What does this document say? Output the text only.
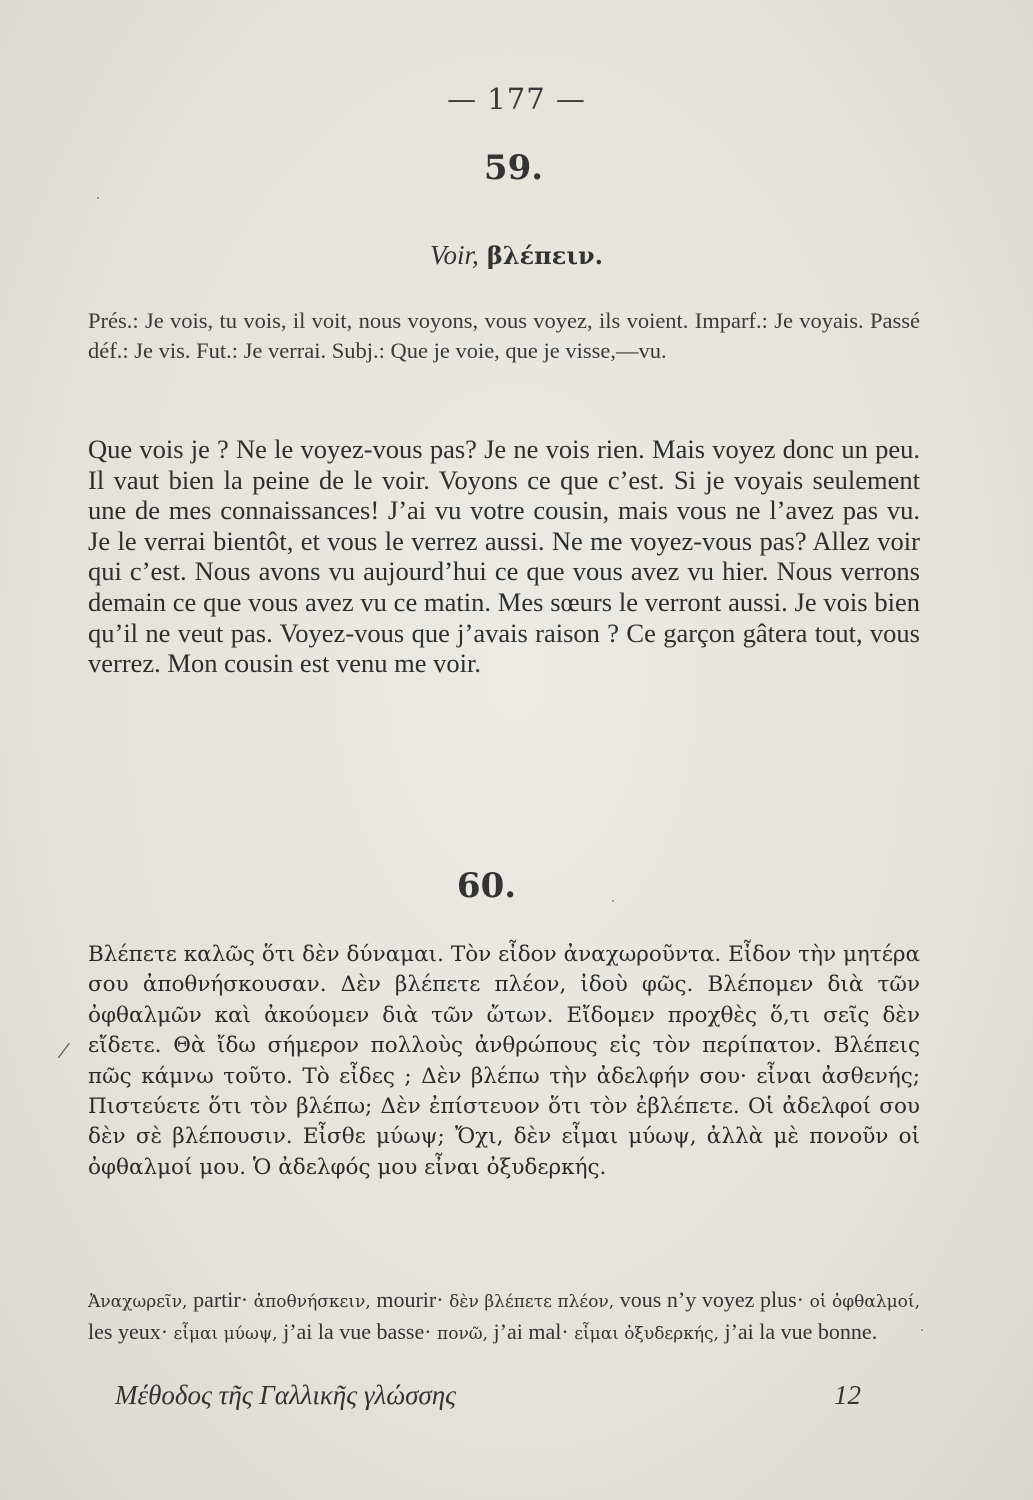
— 177 —
59.
Voir, βλέπειν.
Prés.: Je vois, tu vois, il voit, nous voyons, vous voyez, ils voient. Imparf.: Je voyais. Passé déf.: Je vis. Fut.: Je verrai. Subj.: Que je voie, que je visse,—vu.
Que vois je ? Ne le voyez-vous pas? Je ne vois rien. Mais voyez donc un peu. Il vaut bien la peine de le voir. Voyons ce que c’est. Si je voyais seulement une de mes connaissances! J’ai vu votre cousin, mais vous ne l’avez pas vu. Je le verrai bientôt, et vous le verrez aussi. Ne me voyez-vous pas? Allez voir qui c’est. Nous avons vu aujourd’hui ce que vous avez vu hier. Nous verrons demain ce que vous avez vu ce matin. Mes sœurs le verront aussi. Je vois bien qu’il ne veut pas. Voyez-vous que j’avais raison ? Ce garçon gâtera tout, vous verrez. Mon cousin est venu me voir.
60.
Βλέπετε καλῶς ὅτι δὲν δύναμαι. Τὸν εἶδον ἀναχωροῦντα. Εἶδον τὴν μητέρα σου ἀποθνήσκουσαν. Δὲν βλέπετε πλέον, ἰδοὺ φῶς. Βλέπομεν διὰ τῶν ὀφθαλμῶν καὶ ἀκούομεν διὰ τῶν ὤτων. Εἴδομεν προχθὲς ὅ,τι σεῖς δὲν εἴδετε. Θὰ ἴδω σήμερον πολλοὺς ἀνθρώπους εἰς τὸν περίπατον. Βλέπεις πῶς κάμνω τοῦτο. Τὸ εἶδες ; Δὲν βλέπω τὴν ἀδελφήν σου· εἶναι ἀσθενής; Πιστεύετε ὅτι τὸν βλέπω; Δὲν ἐπίστευον ὅτι τὸν ἐβλέπετε. Οἱ ἀδελφοί σου δὲν σὲ βλέπουσιν. Εἶσθε μύωψ; Ὄχι, δὲν εἶμαι μύωψ, ἀλλὰ μὲ πονοῦν οἱ ὀφθαλμοί μου. Ὁ ἀδελφός μου εἶναι ὀξυδερκής.
/
Ἀναχωρεῖν, partir· ἀποθνήσκειν, mourir· δὲν βλέπετε πλέον, vous n’y voyez plus· οἱ ὀφθαλμοί, les yeux· εἶμαι μύωψ, j’ai la vue basse· πονῶ, j’ai mal· εἶμαι ὀξυδερκής, j’ai la vue bonne.
Μέθοδος τῆς Γαλλικῆς γλώσσης	12
